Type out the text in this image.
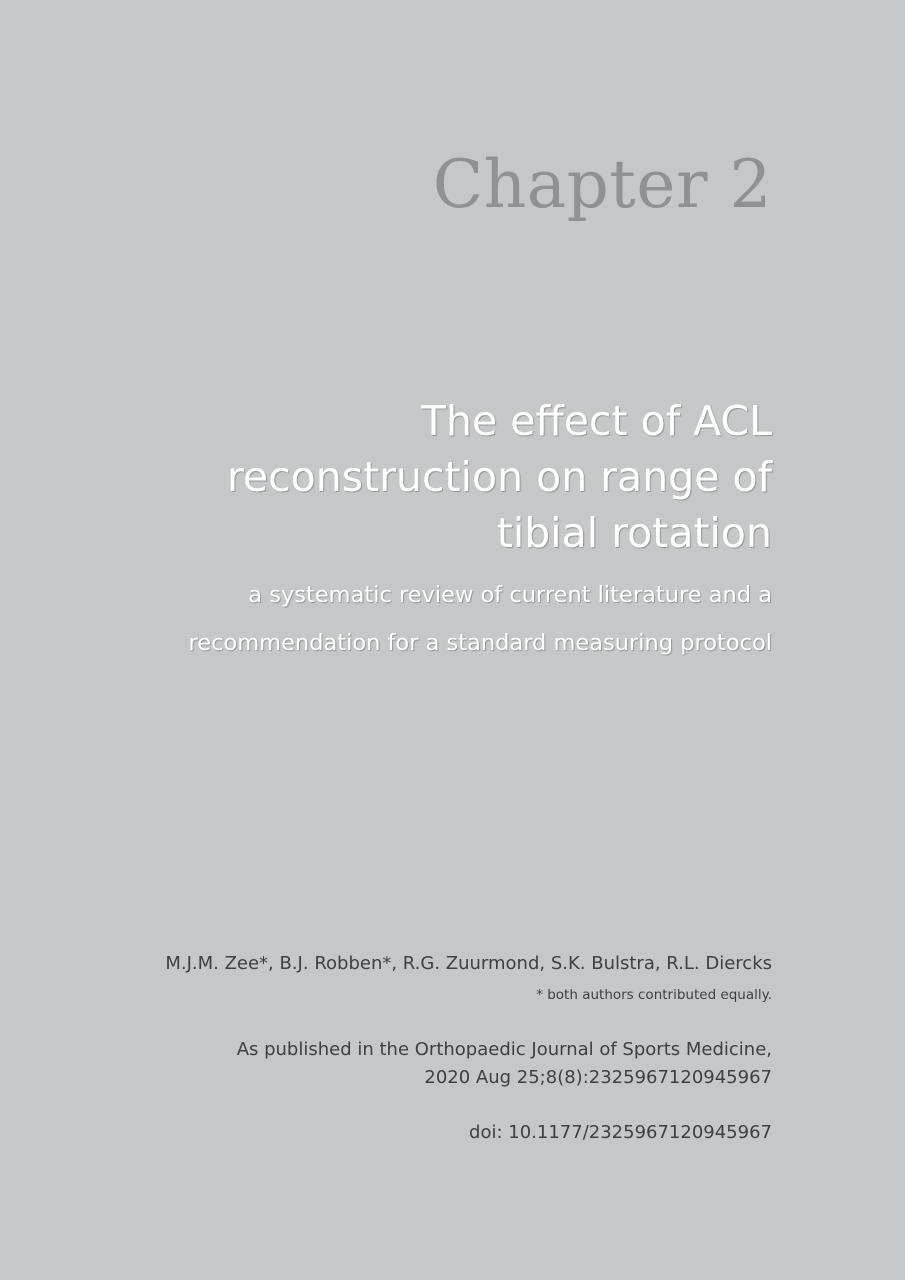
Chapter 2
The effect of ACL
reconstruction on range of
tibial rotation
a systematic review of current literature and a
recommendation for a standard measuring protocol
M.J.M. Zee*, B.J. Robben*, R.G. Zuurmond, S.K. Bulstra, R.L. Diercks
* both authors contributed equally.
As published in the Orthopaedic Journal of Sports Medicine,
2020 Aug 25;8(8):2325967120945967
doi: 10.1177/2325967120945967
